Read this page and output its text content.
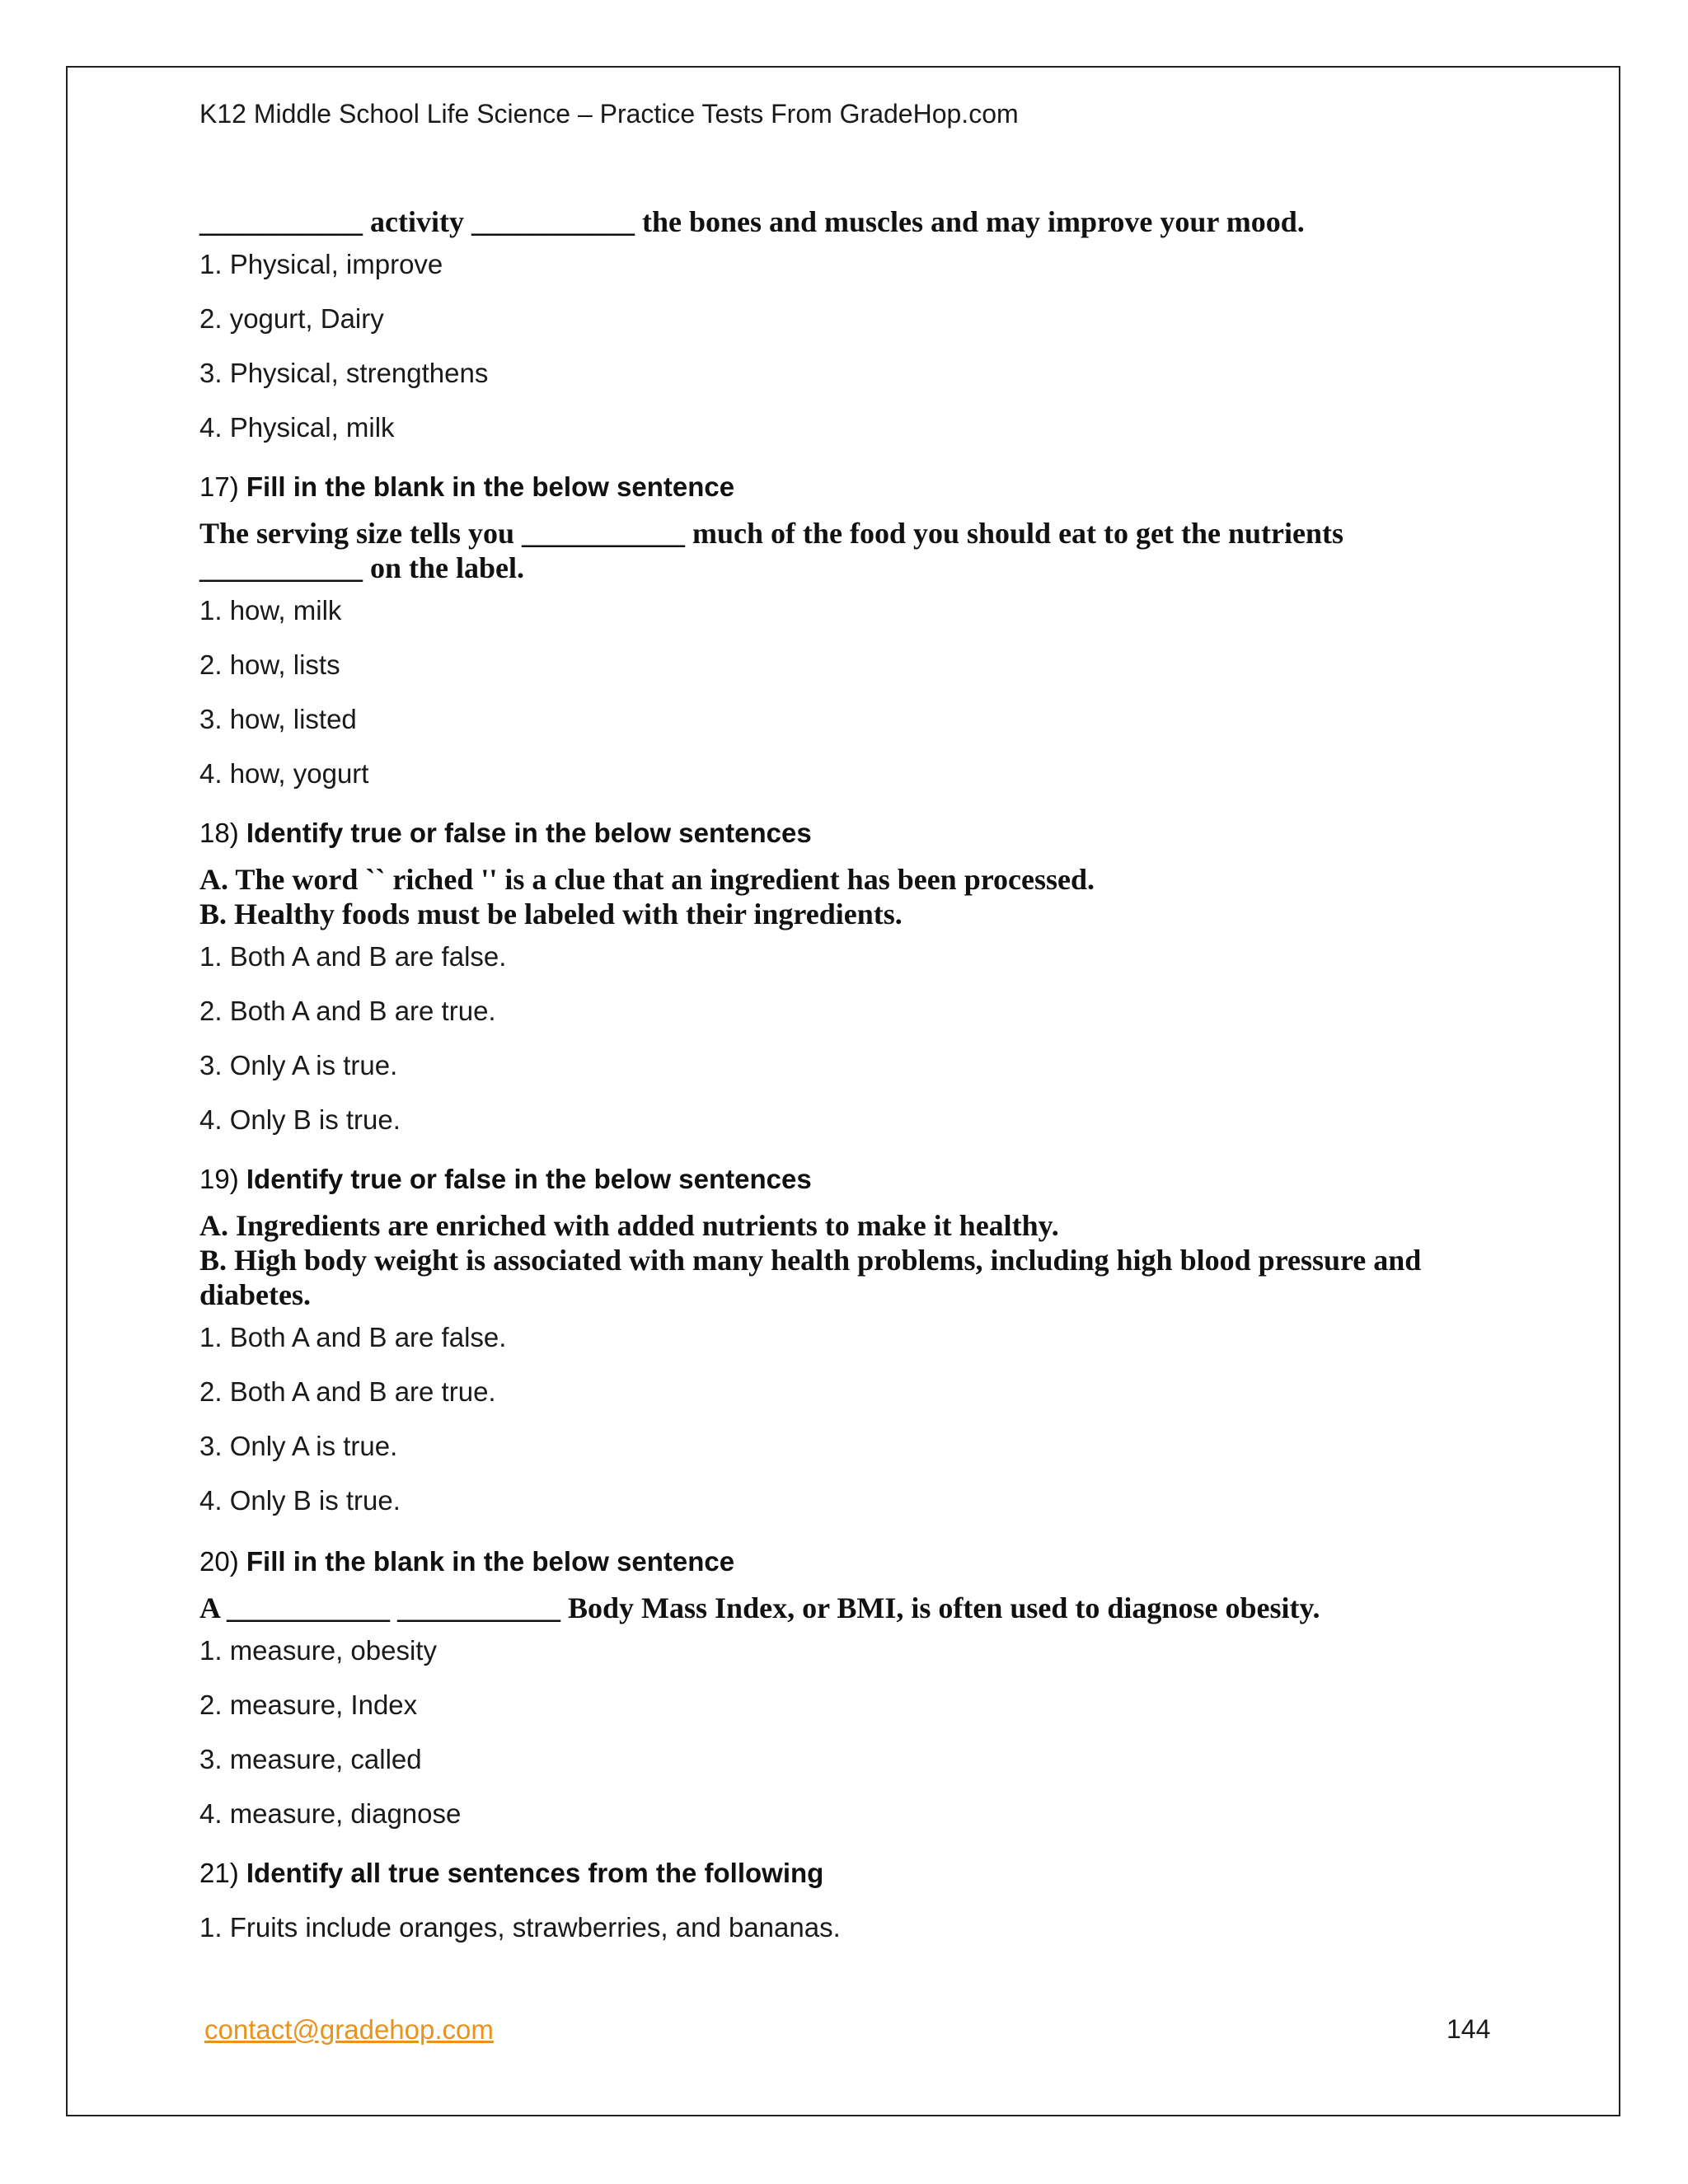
K12 Middle School Life Science – Practice Tests From GradeHop.com
___________ activity ___________ the bones and muscles and may improve your mood.
1. Physical, improve
2. yogurt, Dairy
3. Physical, strengthens
4. Physical, milk
17) Fill in the blank in the below sentence
The serving size tells you ___________ much of the food you should eat to get the nutrients
___________ on the label.
1. how, milk
2. how, lists
3. how, listed
4. how, yogurt
18) Identify true or false in the below sentences
A. The word `` riched '' is a clue that an ingredient has been processed.
B. Healthy foods must be labeled with their ingredients.
1. Both A and B are false.
2. Both A and B are true.
3. Only A is true.
4. Only B is true.
19) Identify true or false in the below sentences
A. Ingredients are enriched with added nutrients to make it healthy.
B. High body weight is associated with many health problems, including high blood pressure and
diabetes.
1. Both A and B are false.
2. Both A and B are true.
3. Only A is true.
4. Only B is true.
20) Fill in the blank in the below sentence
A ___________ ___________ Body Mass Index, or BMI, is often used to diagnose obesity.
1. measure, obesity
2. measure, Index
3. measure, called
4. measure, diagnose
21) Identify all true sentences from the following
1. Fruits include oranges, strawberries, and bananas.
contact@gradehop.com	144
